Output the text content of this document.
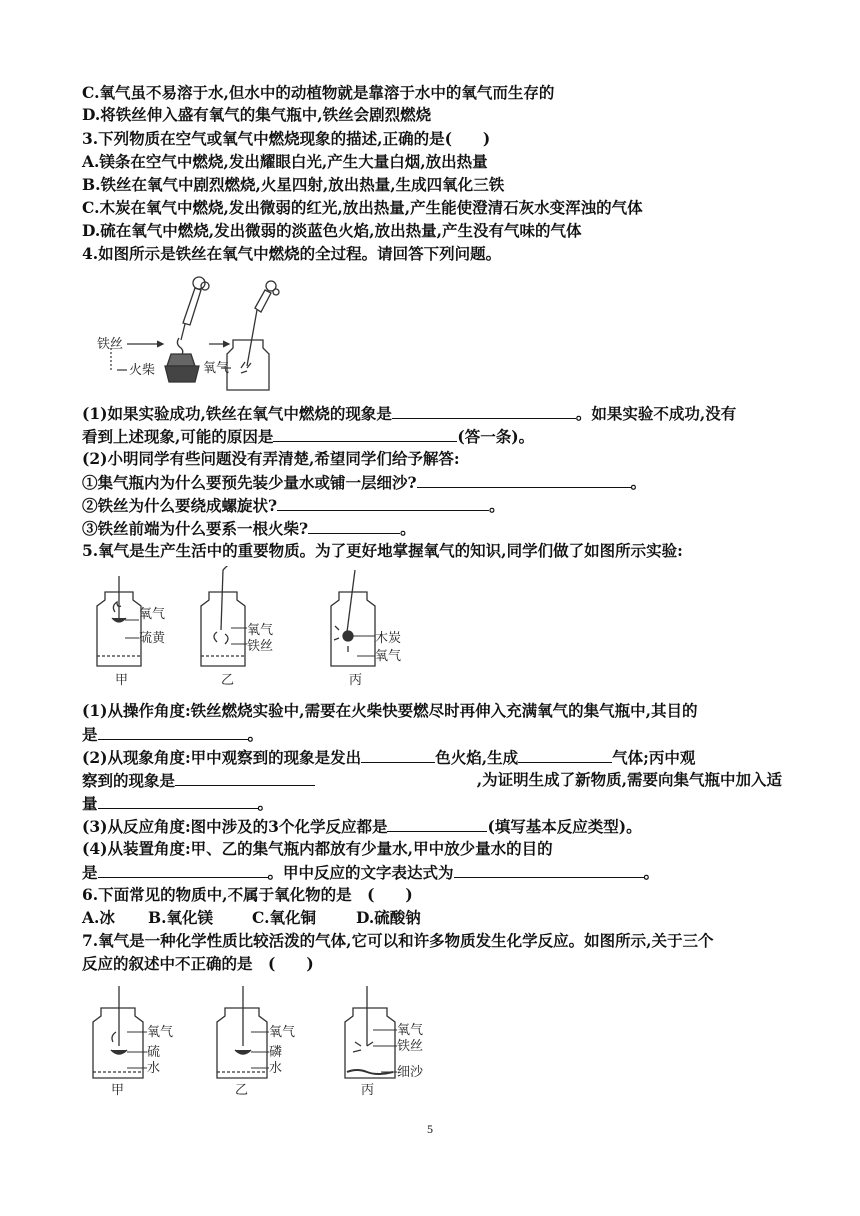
C.氧气虽不易溶于水,但水中的动植物就是靠溶于水中的氧气而生存的
D.将铁丝伸入盛有氧气的集气瓶中,铁丝会剧烈燃烧
3.下列物质在空气或氧气中燃烧现象的描述,正确的是(　　)
A.镁条在空气中燃烧,发出耀眼白光,产生大量白烟,放出热量
B.铁丝在氧气中剧烈燃烧,火星四射,放出热量,生成四氧化三铁
C.木炭在氧气中燃烧,发出微弱的红光,放出热量,产生能使澄清石灰水变浑浊的气体
D.硫在氧气中燃烧,发出微弱的淡蓝色火焰,放出热量,产生没有气味的气体
4.如图所示是铁丝在氧气中燃烧的全过程。请回答下列问题。
铁丝
火柴	氧气
(1)如果实验成功,铁丝在氧气中燃烧的现象是	。如果实验不成功,没有
看到上述现象,可能的原因是	(答一条)。
(2)小明同学有些问题没有弄清楚,希望同学们给予解答:
①集气瓶内为什么要预先装少量水或铺一层细沙?	。
②铁丝为什么要绕成螺旋状?	。
③铁丝前端为什么要系一根火柴?	。
5.氧气是生产生活中的重要物质。为了更好地掌握氧气的知识,同学们做了如图所示实验:
氧气
硫黄
氧气
铁丝
木炭
氧气
甲	乙	丙
(1)从操作角度:铁丝燃烧实验中,需要在火柴快要燃尽时再伸入充满氧气的集气瓶中,其目的
是	。
(2)从现象角度:甲中观察到的现象是发出	色火焰,生成	气体;丙中观
察到的现象是	,为证明生成了新物质,需要向集气瓶中加入适
量	。
(3)从反应角度:图中涉及的3个化学反应都是	(填写基本反应类型)。
(4)从装置角度:甲、乙的集气瓶内都放有少量水,甲中放少量水的目的
是	。甲中反应的文字表达式为	。
6.下面常见的物质中,不属于氧化物的是　(　　)
A.冰 B.氧化镁	C.氧化铜	D.硫酸钠
7.氧气是一种化学性质比较活泼的气体,它可以和许多物质发生化学反应。如图所示,关于三个
反应的叙述中不正确的是　(　　)
氧气
硫
水
氧气
磷
水
氧气
铁丝
细沙
甲	乙	丙
5
